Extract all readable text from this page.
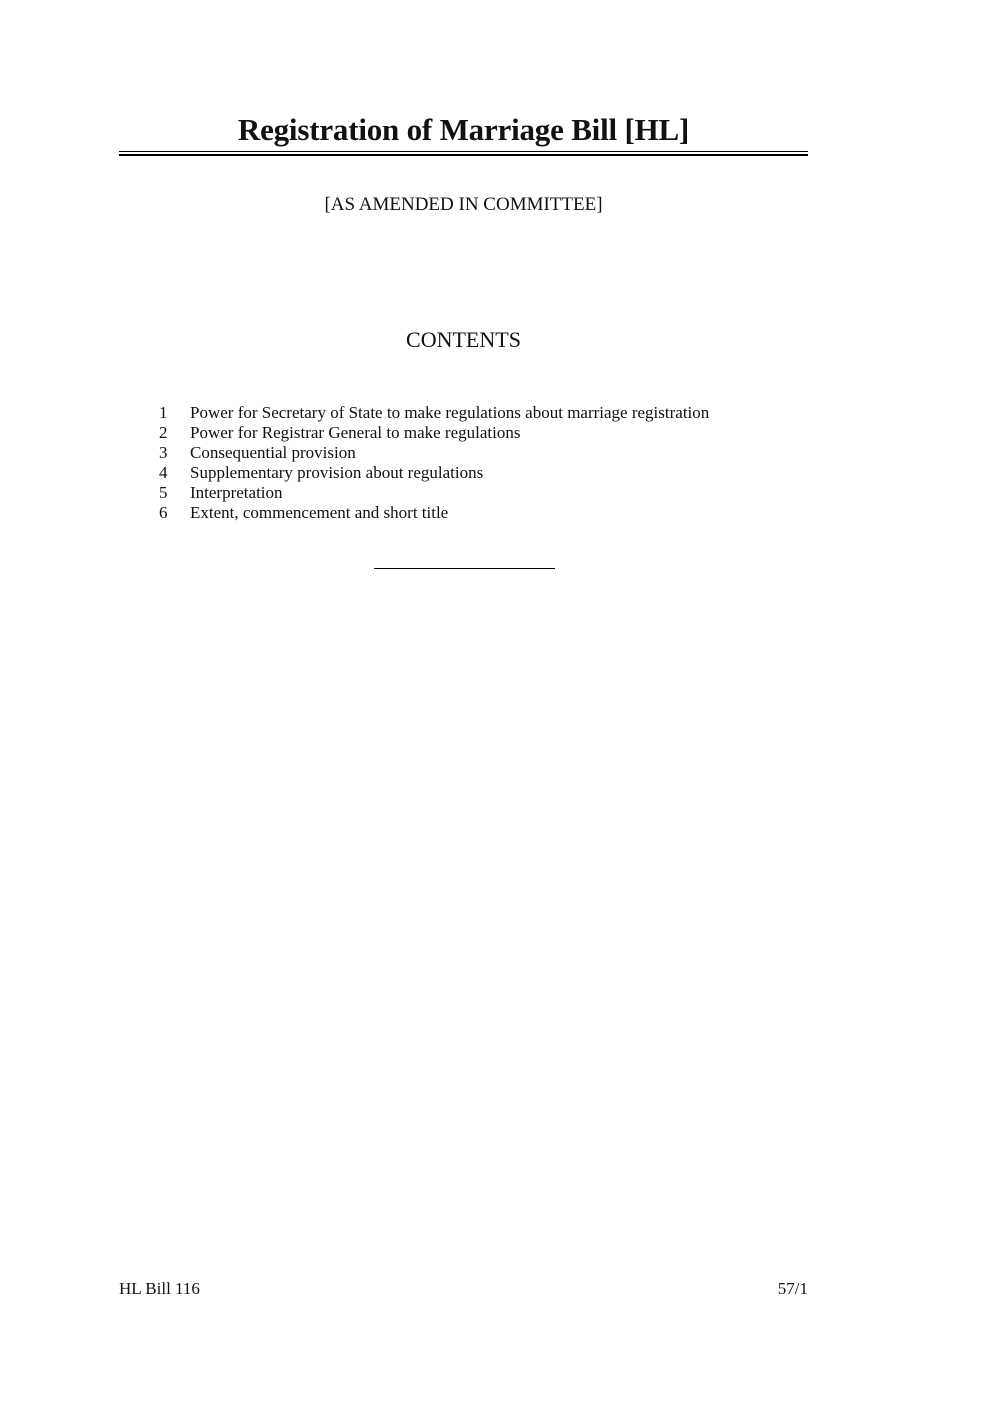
Registration of Marriage Bill [HL]
[AS AMENDED IN COMMITTEE]
CONTENTS
1 Power for Secretary of State to make regulations about marriage registration
2 Power for Registrar General to make regulations
3 Consequential provision
4 Supplementary provision about regulations
5 Interpretation
6 Extent, commencement and short title
HL Bill 116	57/1
